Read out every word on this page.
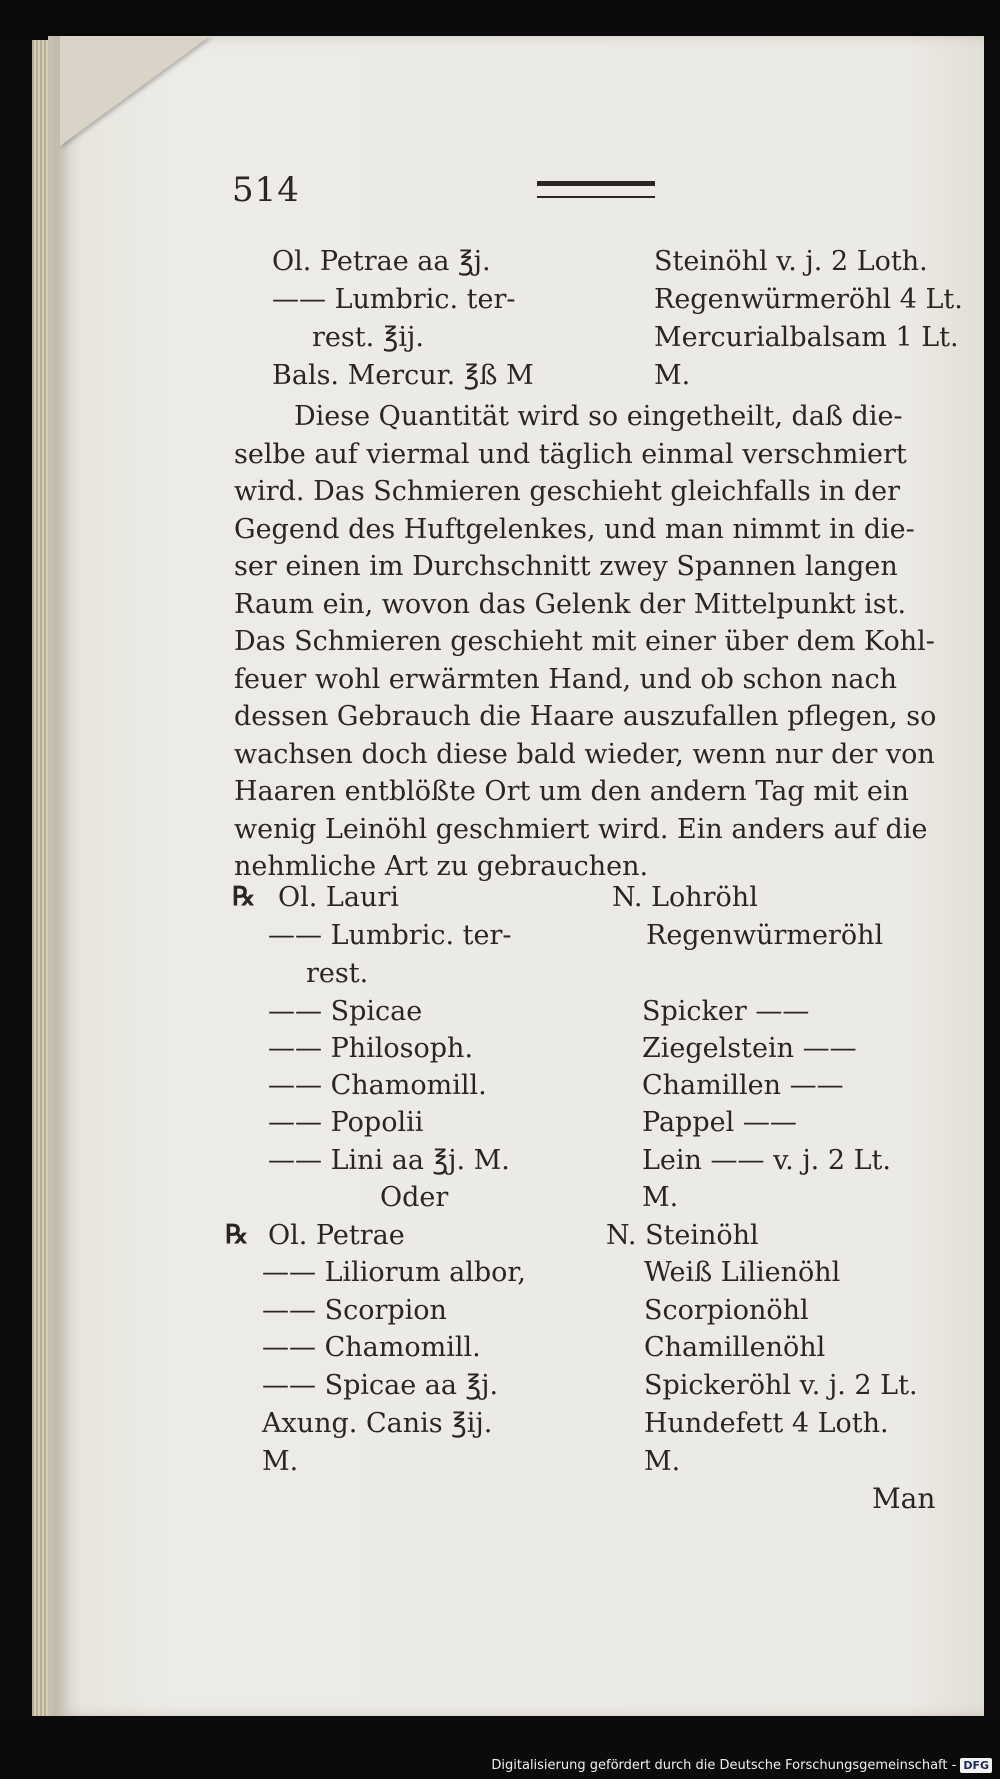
514
Ol. Petrae aa ℥j.	Steinöhl v. j. 2 Loth.
—— Lumbric. ter-	Regenwürmeröhl 4 Lt.
rest. ℥ij.	Mercurialbalsam 1 Lt.
Bals. Mercur. ℥ß M	M.
Diese Quantität wird so eingetheilt, daß die-
selbe auf viermal und täglich einmal verschmiert
wird. Das Schmieren geschieht gleichfalls in der
Gegend des Huftgelenkes, und man nimmt in die-
ser einen im Durchschnitt zwey Spannen langen
Raum ein, wovon das Gelenk der Mittelpunkt ist.
Das Schmieren geschieht mit einer über dem Kohl-
feuer wohl erwärmten Hand, und ob schon nach
dessen Gebrauch die Haare auszufallen pflegen, so
wachsen doch diese bald wieder, wenn nur der von
Haaren entblößte Ort um den andern Tag mit ein
wenig Leinöhl geschmiert wird. Ein anders auf die
nehmliche Art zu gebrauchen.
℞ Ol. Lauri	N. Lohröhl
—— Lumbric. ter-	Regenwürmeröhl
rest.
—— Spicae	Spicker ——
—— Philosoph.	Ziegelstein ——
—— Chamomill.	Chamillen ——
—— Popolii	Pappel ——
—— Lini aa ℥j. M.	Lein —— v. j. 2 Lt.
Oder	M.
℞ Ol. Petrae	N. Steinöhl
—— Liliorum albor,	Weiß Lilienöhl
—— Scorpion	Scorpionöhl
—— Chamomill.	Chamillenöhl
—— Spicae aa ℥j.	Spickeröhl v. j. 2 Lt.
Axung. Canis ℥ij.	Hundefett 4 Loth.
M.	M.
Man
Digitalisierung gefördert durch die Deutsche Forschungsgemeinschaft - DFG
